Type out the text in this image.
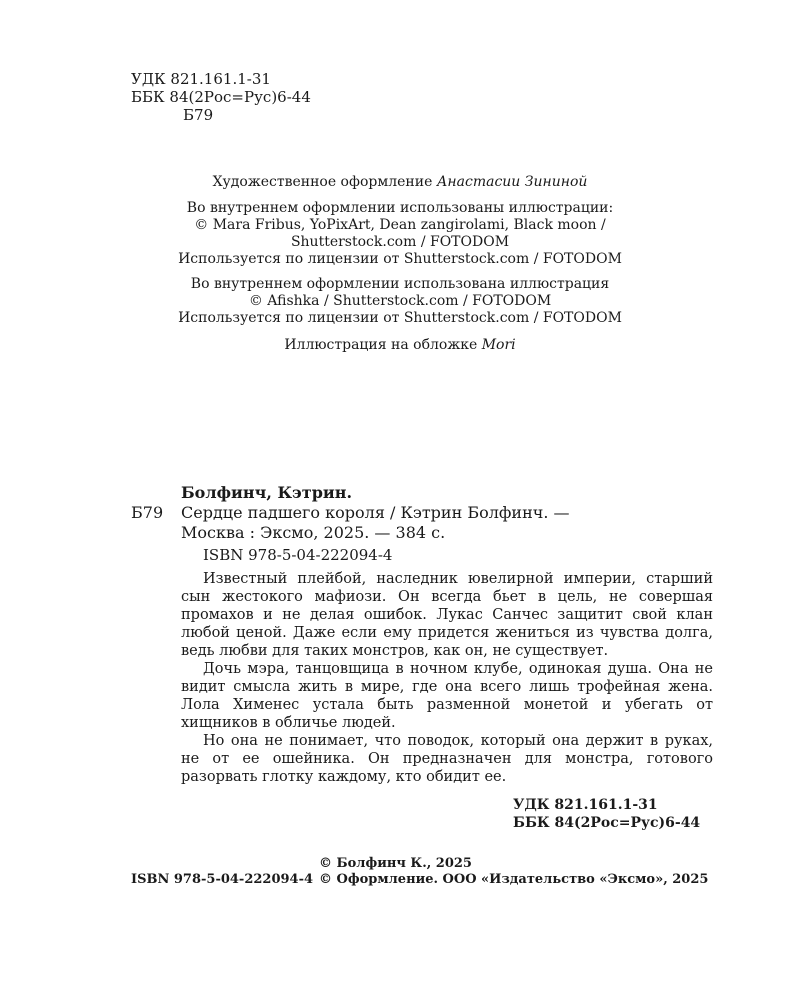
УДК 821.161.1-31
ББК 84(2Рос=Рус)6-44
Б79
Художественное оформление Анастасии Зининой
Во внутреннем оформлении использованы иллюстрации:
© Mara Fribus, YoPixArt, Dean zangirolami, Black moon /
Shutterstock.com / FOTODOM
Используется по лицензии от Shutterstock.com / FOTODOM
Во внутреннем оформлении использована иллюстрация
© Afishka / Shutterstock.com / FOTODOM
Используется по лицензии от Shutterstock.com / FOTODOM
Иллюстрация на обложке Mori
Болфинч, Кэтрин.
Б79 Сердце падшего короля / Кэтрин Болфинч. —
Москва : Эксмо, 2025. — 384 с.
ISBN 978-5-04-222094-4

Известный плейбой, наследник ювелирной империи, старший сын жестокого мафиози. Он всегда бьет в цель, не совершая промахов и не делая ошибок. Лукас Санчес защитит свой клан любой ценой. Даже если ему придется жениться из чувства долга, ведь любви для таких монстров, как он, не существует.

Дочь мэра, танцовщица в ночном клубе, одинокая душа. Она не видит смысла жить в мире, где она всего лишь трофейная жена. Лола Хименес устала быть разменной монетой и убегать от хищников в обличье людей.

Но она не понимает, что поводок, который она держит в руках, не от ее ошейника. Он предназначен для монстра, готового разорвать глотку каждому, кто обидит ее.

УДК 821.161.1-31
ББК 84(2Рос=Рус)6-44
© Болфинч К., 2025
ISBN 978-5-04-222094-4 © Оформление. ООО «Издательство «Эксмо», 2025
